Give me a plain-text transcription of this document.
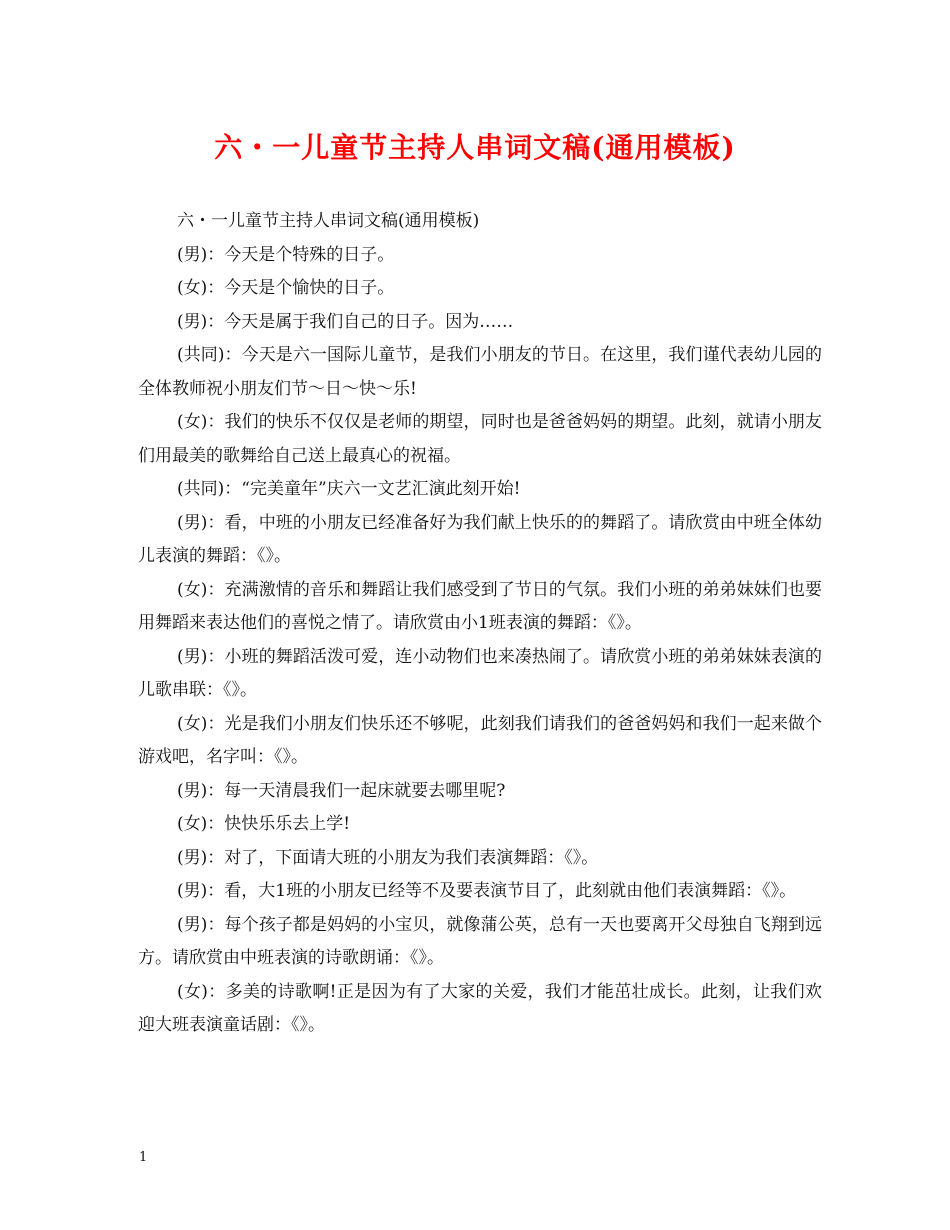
六・一儿童节主持人串词文稿(通用模板)

六・一儿童节主持人串词文稿(通用模板)

(男)：今天是个特殊的日子。

(女)：今天是个愉快的日子。

(男)：今天是属于我们自己的日子。因为……

(共同)：今天是六一国际儿童节，是我们小朋友的节日。在这里，我们谨代表幼儿园的全体教师祝小朋友们节～日～快～乐!

(女)：我们的快乐不仅仅是老师的期望，同时也是爸爸妈妈的期望。此刻，就请小朋友们用最美的歌舞给自己送上最真心的祝福。

(共同)：“完美童年”庆六一文艺汇演此刻开始!

(男)：看，中班的小朋友已经准备好为我们献上快乐的的舞蹈了。请欣赏由中班全体幼儿表演的舞蹈：《》。

(女)：充满激情的音乐和舞蹈让我们感受到了节日的气氛。我们小班的弟弟妹妹们也要用舞蹈来表达他们的喜悦之情了。请欣赏由小1班表演的舞蹈：《》。

(男)：小班的舞蹈活泼可爱，连小动物们也来凑热闹了。请欣赏小班的弟弟妹妹表演的儿歌串联：《》。

(女)：光是我们小朋友们快乐还不够呢，此刻我们请我们的爸爸妈妈和我们一起来做个游戏吧，名字叫：《》。

(男)：每一天清晨我们一起床就要去哪里呢?

(女)：快快乐乐去上学!

(男)：对了，下面请大班的小朋友为我们表演舞蹈：《》。

(男)：看，大1班的小朋友已经等不及要表演节目了，此刻就由他们表演舞蹈：《》。

(男)：每个孩子都是妈妈的小宝贝，就像蒲公英，总有一天也要离开父母独自飞翔到远方。请欣赏由中班表演的诗歌朗诵：《》。

(女)：多美的诗歌啊!正是因为有了大家的关爱，我们才能茁壮成长。此刻，让我们欢迎大班表演童话剧：《》。

1
